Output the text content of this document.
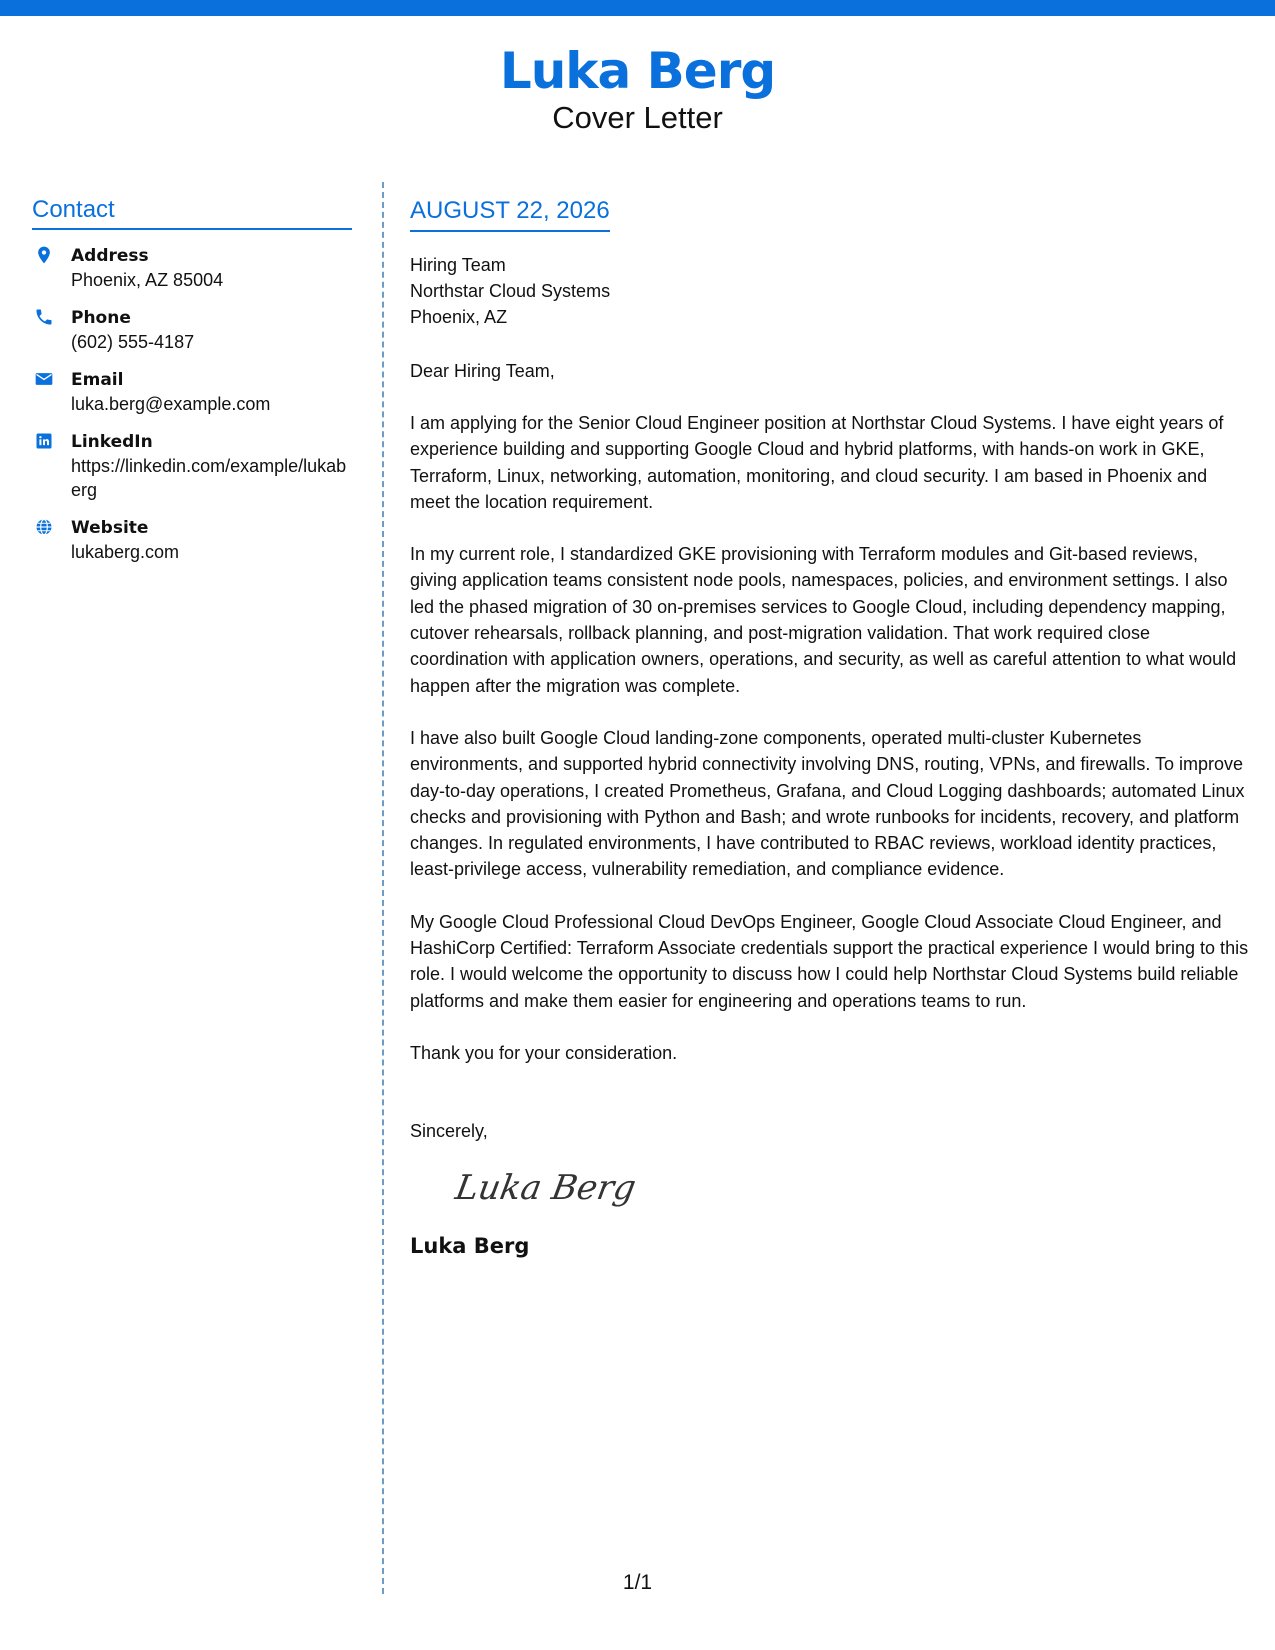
Luka Berg
Cover Letter
Contact
Address
Phoenix, AZ 85004
Phone
(602) 555-4187
Email
luka.berg@example.com
LinkedIn
https://linkedin.com/example/lukaberg
Website
lukaberg.com
AUGUST 22, 2026
Hiring Team
Northstar Cloud Systems
Phoenix, AZ
Dear Hiring Team,
I am applying for the Senior Cloud Engineer position at Northstar Cloud Systems. I have eight years of experience building and supporting Google Cloud and hybrid platforms, with hands-on work in GKE, Terraform, Linux, networking, automation, monitoring, and cloud security. I am based in Phoenix and meet the location requirement.
In my current role, I standardized GKE provisioning with Terraform modules and Git-based reviews, giving application teams consistent node pools, namespaces, policies, and environment settings. I also led the phased migration of 30 on-premises services to Google Cloud, including dependency mapping, cutover rehearsals, rollback planning, and post-migration validation. That work required close coordination with application owners, operations, and security, as well as careful attention to what would happen after the migration was complete.
I have also built Google Cloud landing-zone components, operated multi-cluster Kubernetes environments, and supported hybrid connectivity involving DNS, routing, VPNs, and firewalls. To improve day-to-day operations, I created Prometheus, Grafana, and Cloud Logging dashboards; automated Linux checks and provisioning with Python and Bash; and wrote runbooks for incidents, recovery, and platform changes. In regulated environments, I have contributed to RBAC reviews, workload identity practices, least-privilege access, vulnerability remediation, and compliance evidence.
My Google Cloud Professional Cloud DevOps Engineer, Google Cloud Associate Cloud Engineer, and HashiCorp Certified: Terraform Associate credentials support the practical experience I would bring to this role. I would welcome the opportunity to discuss how I could help Northstar Cloud Systems build reliable platforms and make them easier for engineering and operations teams to run.
Thank you for your consideration.
Sincerely,
Luka Berg
Luka Berg
1/1
